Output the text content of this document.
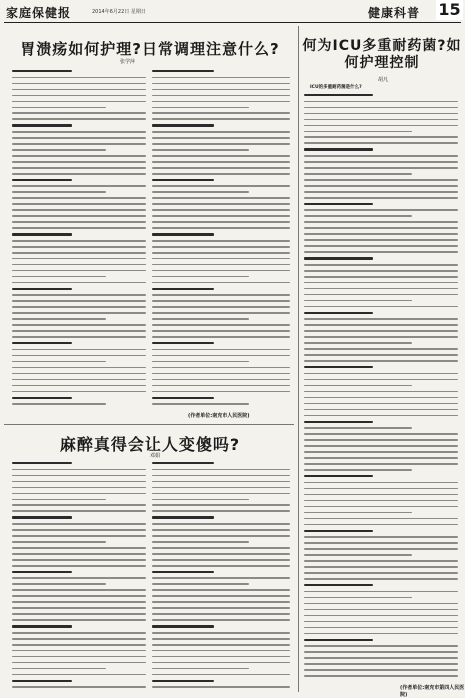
家庭保健报	2014年6月22日 星期日	健康科普 15
胃溃疡如何护理?日常调理注意什么?
张学萍
麻醉真得会让人变傻吗?
邓娟
何为ICU多重耐药菌?如何护理控制
胡凡
ICU的多重耐药菌是什么?
(作者单位:南充市人民医院)
(作者单位:南充市第四人民医院)
